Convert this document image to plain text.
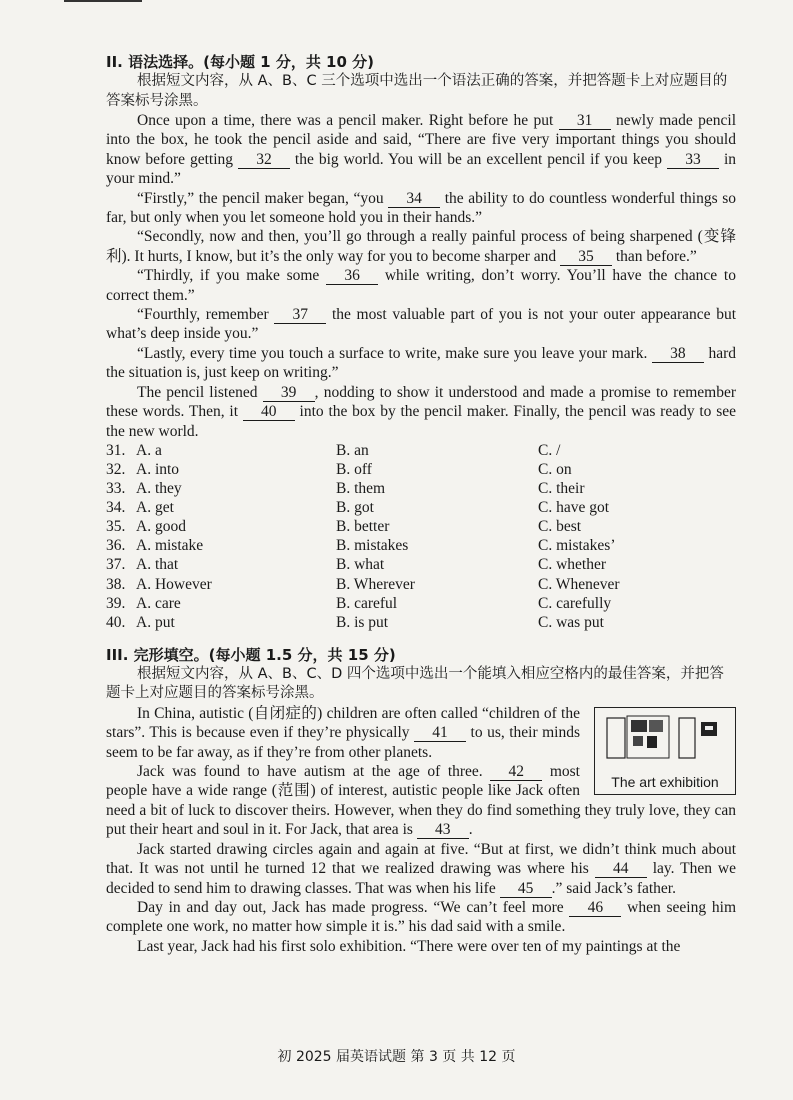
II. 语法选择。(每小题 1 分，共 10 分)

根据短文内容，从 A、B、C 三个选项中选出一个语法正确的答案，并把答题卡上对应题目的答案标号涂黑。

Once upon a time, there was a pencil maker. Right before he put 31 newly made pencil into the box, he took the pencil aside and said, “There are five very important things you should know before getting 32 the big world. You will be an excellent pencil if you keep 33 in your mind.”

“Firstly,” the pencil maker began, “you 34 the ability to do countless wonderful things so far, but only when you let someone hold you in their hands.”

“Secondly, now and then, you’ll go through a really painful process of being sharpened (变锋利). It hurts, I know, but it’s the only way for you to become sharper and 35 than before.”

“Thirdly, if you make some 36 while writing, don’t worry. You’ll have the chance to correct them.”

“Fourthly, remember 37 the most valuable part of you is not your outer appearance but what’s deep inside you.”

“Lastly, every time you touch a surface to write, make sure you leave your mark. 38 hard the situation is, just keep on writing.”

The pencil listened 39 , nodding to show it understood and made a promise to remember these words. Then, it 40 into the box by the pencil maker. Finally, the pencil was ready to see the new world.

31. A. a	B. an	C. /
32. A. into	B. off	C. on
33. A. they	B. them	C. their
34. A. get	B. got	C. have got
35. A. good	B. better	C. best
36. A. mistake	B. mistakes	C. mistakes’
37. A. that	B. what	C. whether
38. A. However	B. Wherever	C. Whenever
39. A. care	B. careful	C. carefully
40. A. put	B. is put	C. was put
III. 完形填空。(每小题 1.5 分，共 15 分)

根据短文内容，从 A、B、C、D 四个选项中选出一个能填入相应空格内的最佳答案，并把答题卡上对应题目的答案标号涂黑。

The art exhibition

In China, autistic (自闭症的) children are often called “children of the stars”. This is because even if they’re physically 41 to us, their minds seem to be far away, as if they’re from other planets.

Jack was found to have autism at the age of three. 42 most people have a wide range (范围) of interest, autistic people like Jack often need a bit of luck to discover theirs. However, when they do find something they truly love, they can put their heart and soul in it. For Jack, that area is 43 .

Jack started drawing circles again and again at five. “But at first, we didn’t think much about that. It was not until he turned 12 that we realized drawing was where his 44 lay. Then we decided to send him to drawing classes. That was when his life 45 .” said Jack’s father.

Day in and day out, Jack has made progress. “We can’t feel more 46 when seeing him complete one work, no matter how simple it is.” his dad said with a smile.

Last year, Jack had his first solo exhibition. “There were over ten of my paintings at the

初 2025 届英语试题 第 3 页 共 12 页
